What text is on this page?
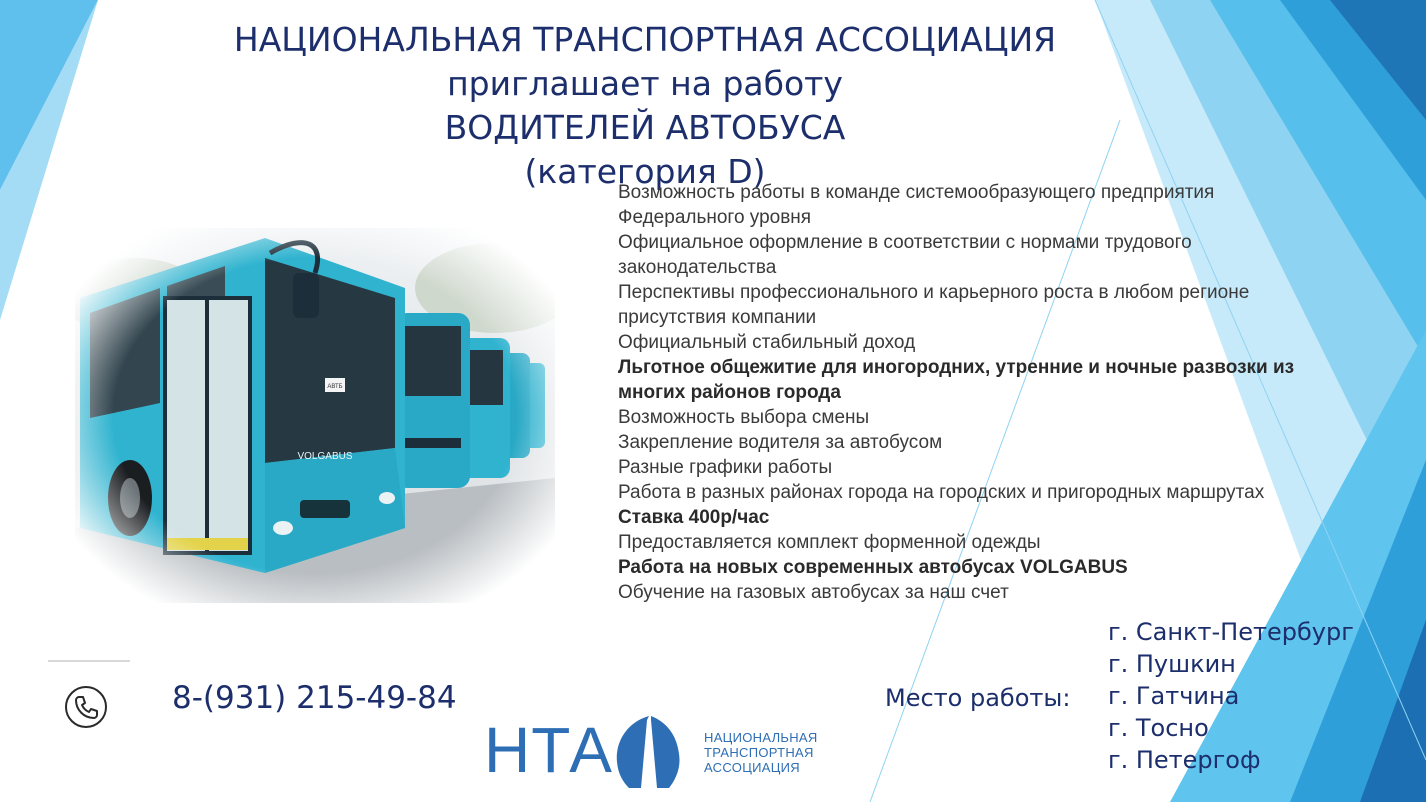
НАЦИОНАЛЬНАЯ ТРАНСПОРТНАЯ АССОЦИАЦИЯ
приглашает на работу
ВОДИТЕЛЕЙ АВТОБУСА
(категория D)
Возможность работы в команде системообразующего предприятия
Федерального уровня
Официальное оформление в соответствии с нормами трудового
законодательства
Перспективы профессионального и карьерного роста в любом регионе
присутствия компании
Официальный стабильный доход
Льготное общежитие для иногородних, утренние и ночные развозки из
многих районов города
Возможность выбора смены
Закрепление водителя за автобусом
Разные графики работы
Работа в разных районах города на городских и пригородных маршрутах
Ставка 400р/час
Предоставляется комплект форменной одежды
Работа на новых современных автобусах VOLGABUS
Обучение на газовых автобусах за наш счет
8-(931) 215-49-84	Место работы:
г. Санкт-Петербург
г. Пушкин
г. Гатчина
г. Тосно
г. Петергоф
НТА	НАЦИОНАЛЬНАЯ
ТРАНСПОРТНАЯ
АССОЦИАЦИЯ
